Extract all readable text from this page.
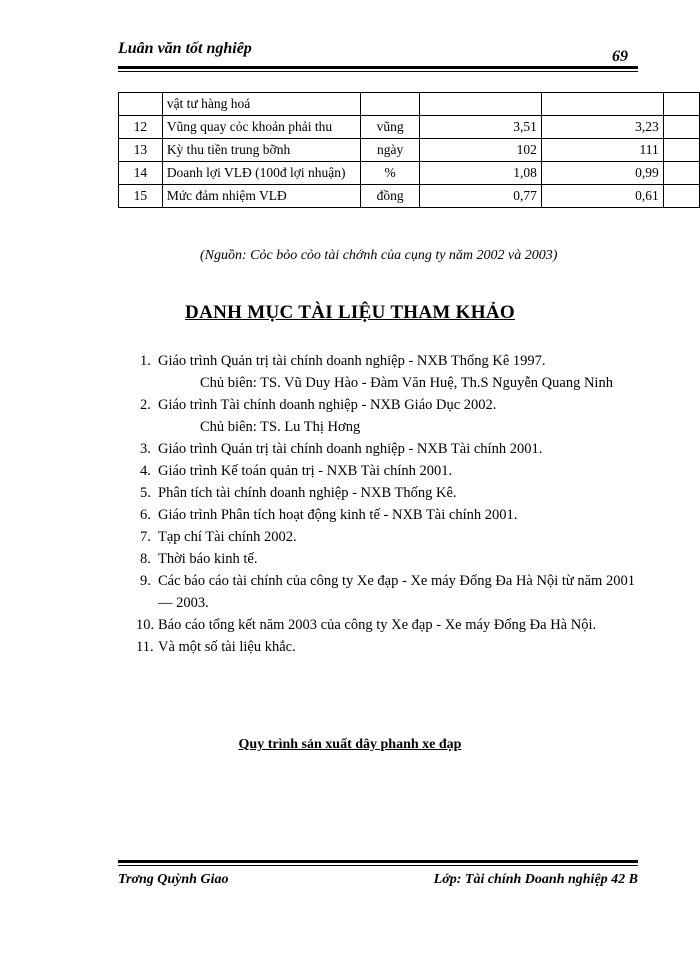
Luân văn tốt nghiêp	69
	vật tư hàng hoá				
12	Vũng quay cỏc khoản phải thu	vũng	3,51	3,23	
13	Kỳ thu tiền trung bỡnh	ngày	102	111	
14	Doanh lợi VLĐ (100đ lợi nhuận)	%	1,08	0,99	
15	Mức đảm nhiệm VLĐ	đồng	0,77	0,61	
(Nguồn: Cỏc bỏo cỏo tài chớnh của cụng ty năm 2002 và 2003)
DANH MỤC TÀI LIỆU THAM KHẢO
1. Giáo trình Quản trị tài chính doanh nghiệp - NXB Thống Kê 1997.
Chủ biên: TS. Vũ Duy Hào - Đàm Văn Huệ, Th.S Nguyễn Quang Ninh
2. Giáo trình Tài chính doanh nghiệp - NXB Giáo Dục 2002.
Chủ biên: TS. Lu Thị Hơng
3. Giáo trình Quản trị tài chính doanh nghiệp - NXB Tài chính 2001.
4. Giáo trình Kế toán quản trị - NXB Tài chính 2001.
5. Phân tích tài chính doanh nghiệp - NXB Thống Kê.
6. Giáo trình Phân tích hoạt động kinh tế - NXB Tài chính 2001.
7. Tạp chí Tài chính 2002.
8. Thời báo kinh tế.
9. Các báo cáo tài chính của công ty Xe đạp - Xe máy Đống Đa Hà Nội từ năm 2001 — 2003.
10. Báo cáo tổng kết năm 2003 của công ty Xe đạp - Xe máy Đống Đa Hà Nội.
11. Và một số tài liệu khắc.
Quy trình sản xuất dây phanh xe đạp
Trơng Quỳnh Giao	Lớp: Tài chính Doanh nghiệp 42 B
